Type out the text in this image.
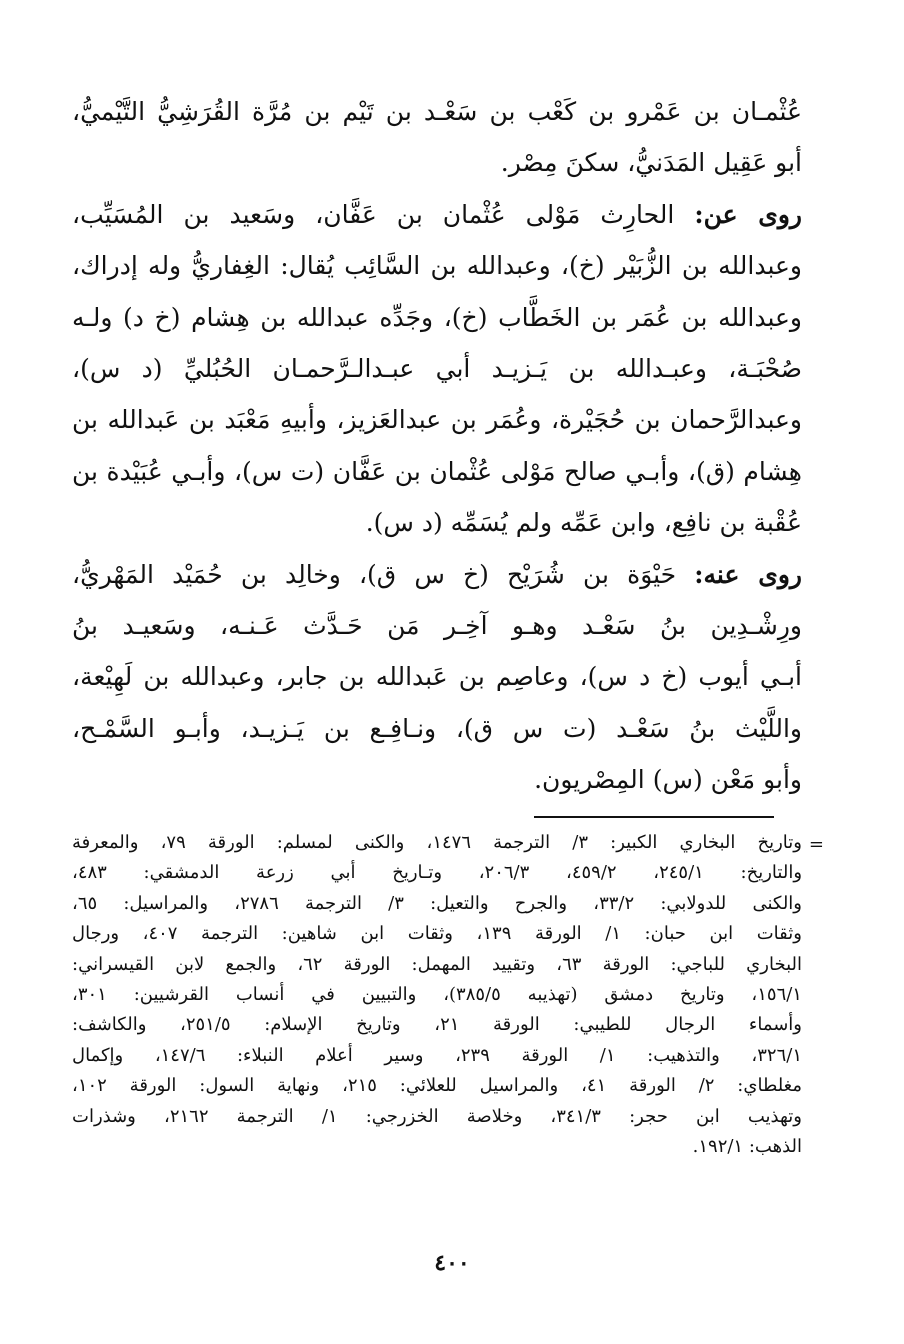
عُثْمـان بن عَمْرو بن كَعْب بن سَعْـد بن تَيْم بن مُرَّة القُرَشِيُّ التَّيْميُّ،
أبو عَقِيل المَدَنيُّ، سكنَ مِصْر.
روى عن: الحارِث مَوْلى عُثْمان بن عَفَّان، وسَعيد بن المُسَيِّب،
وعبدالله بن الزُّبَيْر (خ)، وعبدالله بن السَّائِب يُقال: الغِفاريُّ وله إدراك،
وعبدالله بن عُمَر بن الخَطَّاب (خ)، وجَدِّه عبدالله بن هِشام (خ د) ولـه
صُحْبَـة، وعبـدالله بن يَـزيـد أبي عبـدالـرَّحمـان الحُبُليِّ (د س)،
وعبدالرَّحمان بن حُجَيْرة، وعُمَر بن عبدالعَزيز، وأبيهِ مَعْبَد بن عَبدالله بن
هِشام (ق)، وأبـي صالح مَوْلى عُثْمان بن عَفَّان (ت س)، وأبـي عُبَيْدة بن
عُقْبة بن نافِع، وابن عَمِّه ولم يُسَمِّه (د س).
روى عنه: حَيْوَة بن شُرَيْح (خ س ق)، وخالِد بن حُمَيْد المَهْريُّ،
ورِشْـدِين بنُ سَعْـد وهـو آخِـر مَن حَـدَّث عَـنـه، وسَعيـد بنُ
أبـي أيوب (خ د س)، وعاصِم بن عَبدالله بن جابر، وعبدالله بن لَهِيْعة،
واللَّيْث بنُ سَعْـد (ت س ق)، ونـافِـع بن يَـزيـد، وأبـو السَّمْـح،
وأبو مَعْن (س) المِصْريون.
=
وتاريخ البخاري الكبير: ٣/ الترجمة ١٤٧٦، والكنى لمسلم: الورقة ٧٩، والمعرفة
والتاريخ: ٢٤٥/١، ٤٥٩/٢، ٢٠٦/٣، وتـاريخ أبي زرعة الدمشقي: ٤٨٣،
والكنى للدولابي: ٣٣/٢، والجرح والتعيل: ٣/ الترجمة ٢٧٨٦، والمراسيل: ٦٥،
وثقات ابن حبان: ١/ الورقة ١٣٩، وثقات ابن شاهين: الترجمة ٤٠٧، ورجال
البخاري للباجي: الورقة ٦٣، وتقييد المهمل: الورقة ٦٢، والجمع لابن القيسراني:
١٥٦/١، وتاريخ دمشق (تهذيبه ٣٨٥/٥)، والتبيين في أنساب القرشيين: ٣٠١،
وأسماء الرجال للطيبي: الورقة ٢١، وتاريخ الإسلام: ٢٥١/٥، والكاشف:
٣٢٦/١، والتذهيب: ١/ الورقة ٢٣٩، وسير أعلام النبلاء: ١٤٧/٦، وإكمال
مغلطاي: ٢/ الورقة ٤١، والمراسيل للعلائي: ٢١٥، ونهاية السول: الورقة ١٠٢،
وتهذيب ابن حجر: ٣٤١/٣، وخلاصة الخزرجي: ١/ الترجمة ٢١٦٢، وشذرات
الذهب: ١٩٢/١.
٤٠٠
